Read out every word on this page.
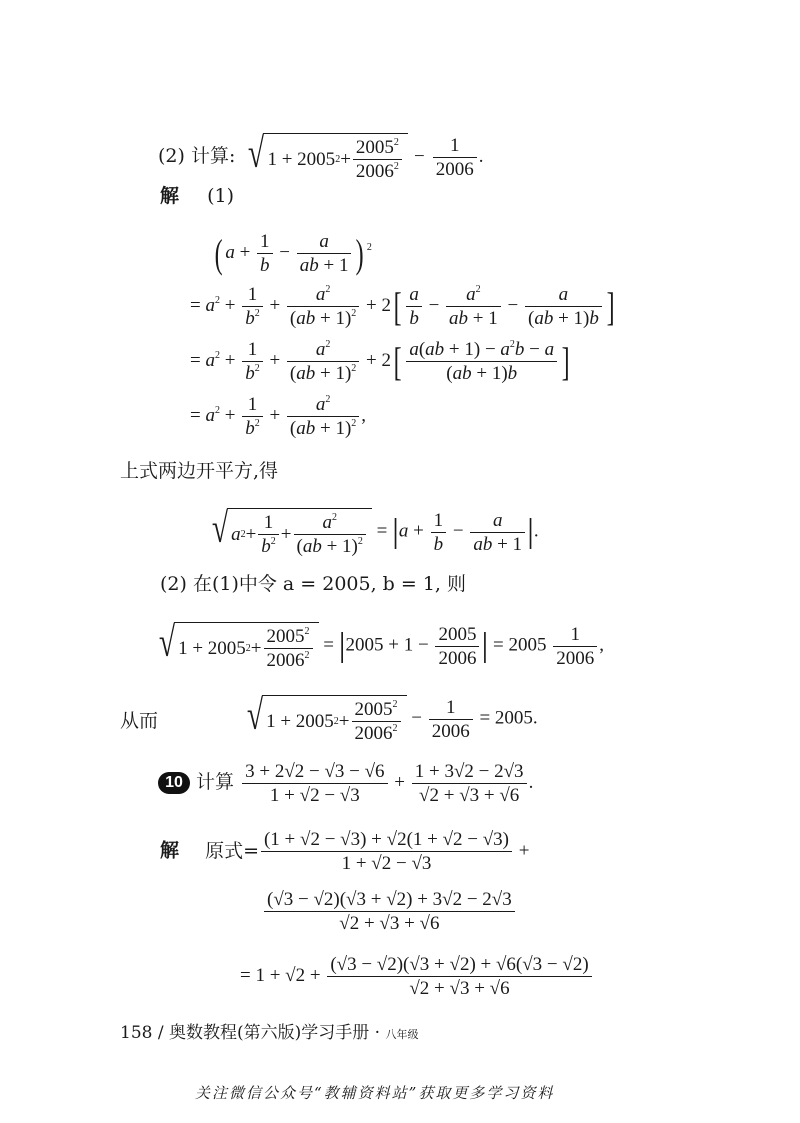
(2) 计算: √ 1 + 2005 $2 + \frac{2005^2}{2006^2} - \frac{1}{2006}$ .
解 (1)
( $a + \frac{1}{b} - \frac{a}{ab + 1}$ ) $^2$
= $a^2 + \frac{1}{b^2} + \frac{a^2}{(ab + 1)^2} + 2[ \frac{a}{b} - \frac{a^2}{ab + 1} - \frac{a}{(ab + 1)b}$ ]
= $a^2 + \frac{1}{b^2} + \frac{a^2}{(ab + 1)^2} + 2[ \frac{a(ab + 1) - a^2b - a}{(ab + 1)b}$ ]
= $a^2 + \frac{1}{b^2} + \frac{a^2}{(ab + 1)^2}$ ,
上式两边开平方,得
√ a $2 + \frac{1}{b^2} + \frac{a^2}{(ab + 1)^2} = |a + \frac{1}{b} - \frac{a}{ab + 1}$ |.
(2) 在(1)中令 a = 2005, b = 1, 则
√ 1 + 2005 $2 + \frac{2005^2}{2006^2} = |2005 + 1 - \frac{2005}{2006}$ | = $2005 \frac{1}{2006}$ ,
从而 √ 1 + 2005 $2 + \frac{2005^2}{2006^2} - \frac{1}{2006} = 2005$.
10 计算 $\frac{3 + 2√2 - √3 - √6}{1 + √2 - √3} + \frac{1 + 3√2 - 2√3}{√2 + √3 + √6}$ .
解 原式= $\frac{(1 + √2 - √3) + √2(1 + √2 - √3)}{1 + √2 - √3}$ +
$\frac{(√3 - √2)(√3 + √2) + 3√2 - 2√3}{√2 + √3 + √6}$
= $1 + √2 + \frac{(√3 - √2)(√3 + √2) + √6(√3 - √2)}{√2 + √3 + √6}$
158 / 奥数教程(第六版)学习手册 · 八年级
关注微信公众号“教辅资料站”获取更多学习资料
